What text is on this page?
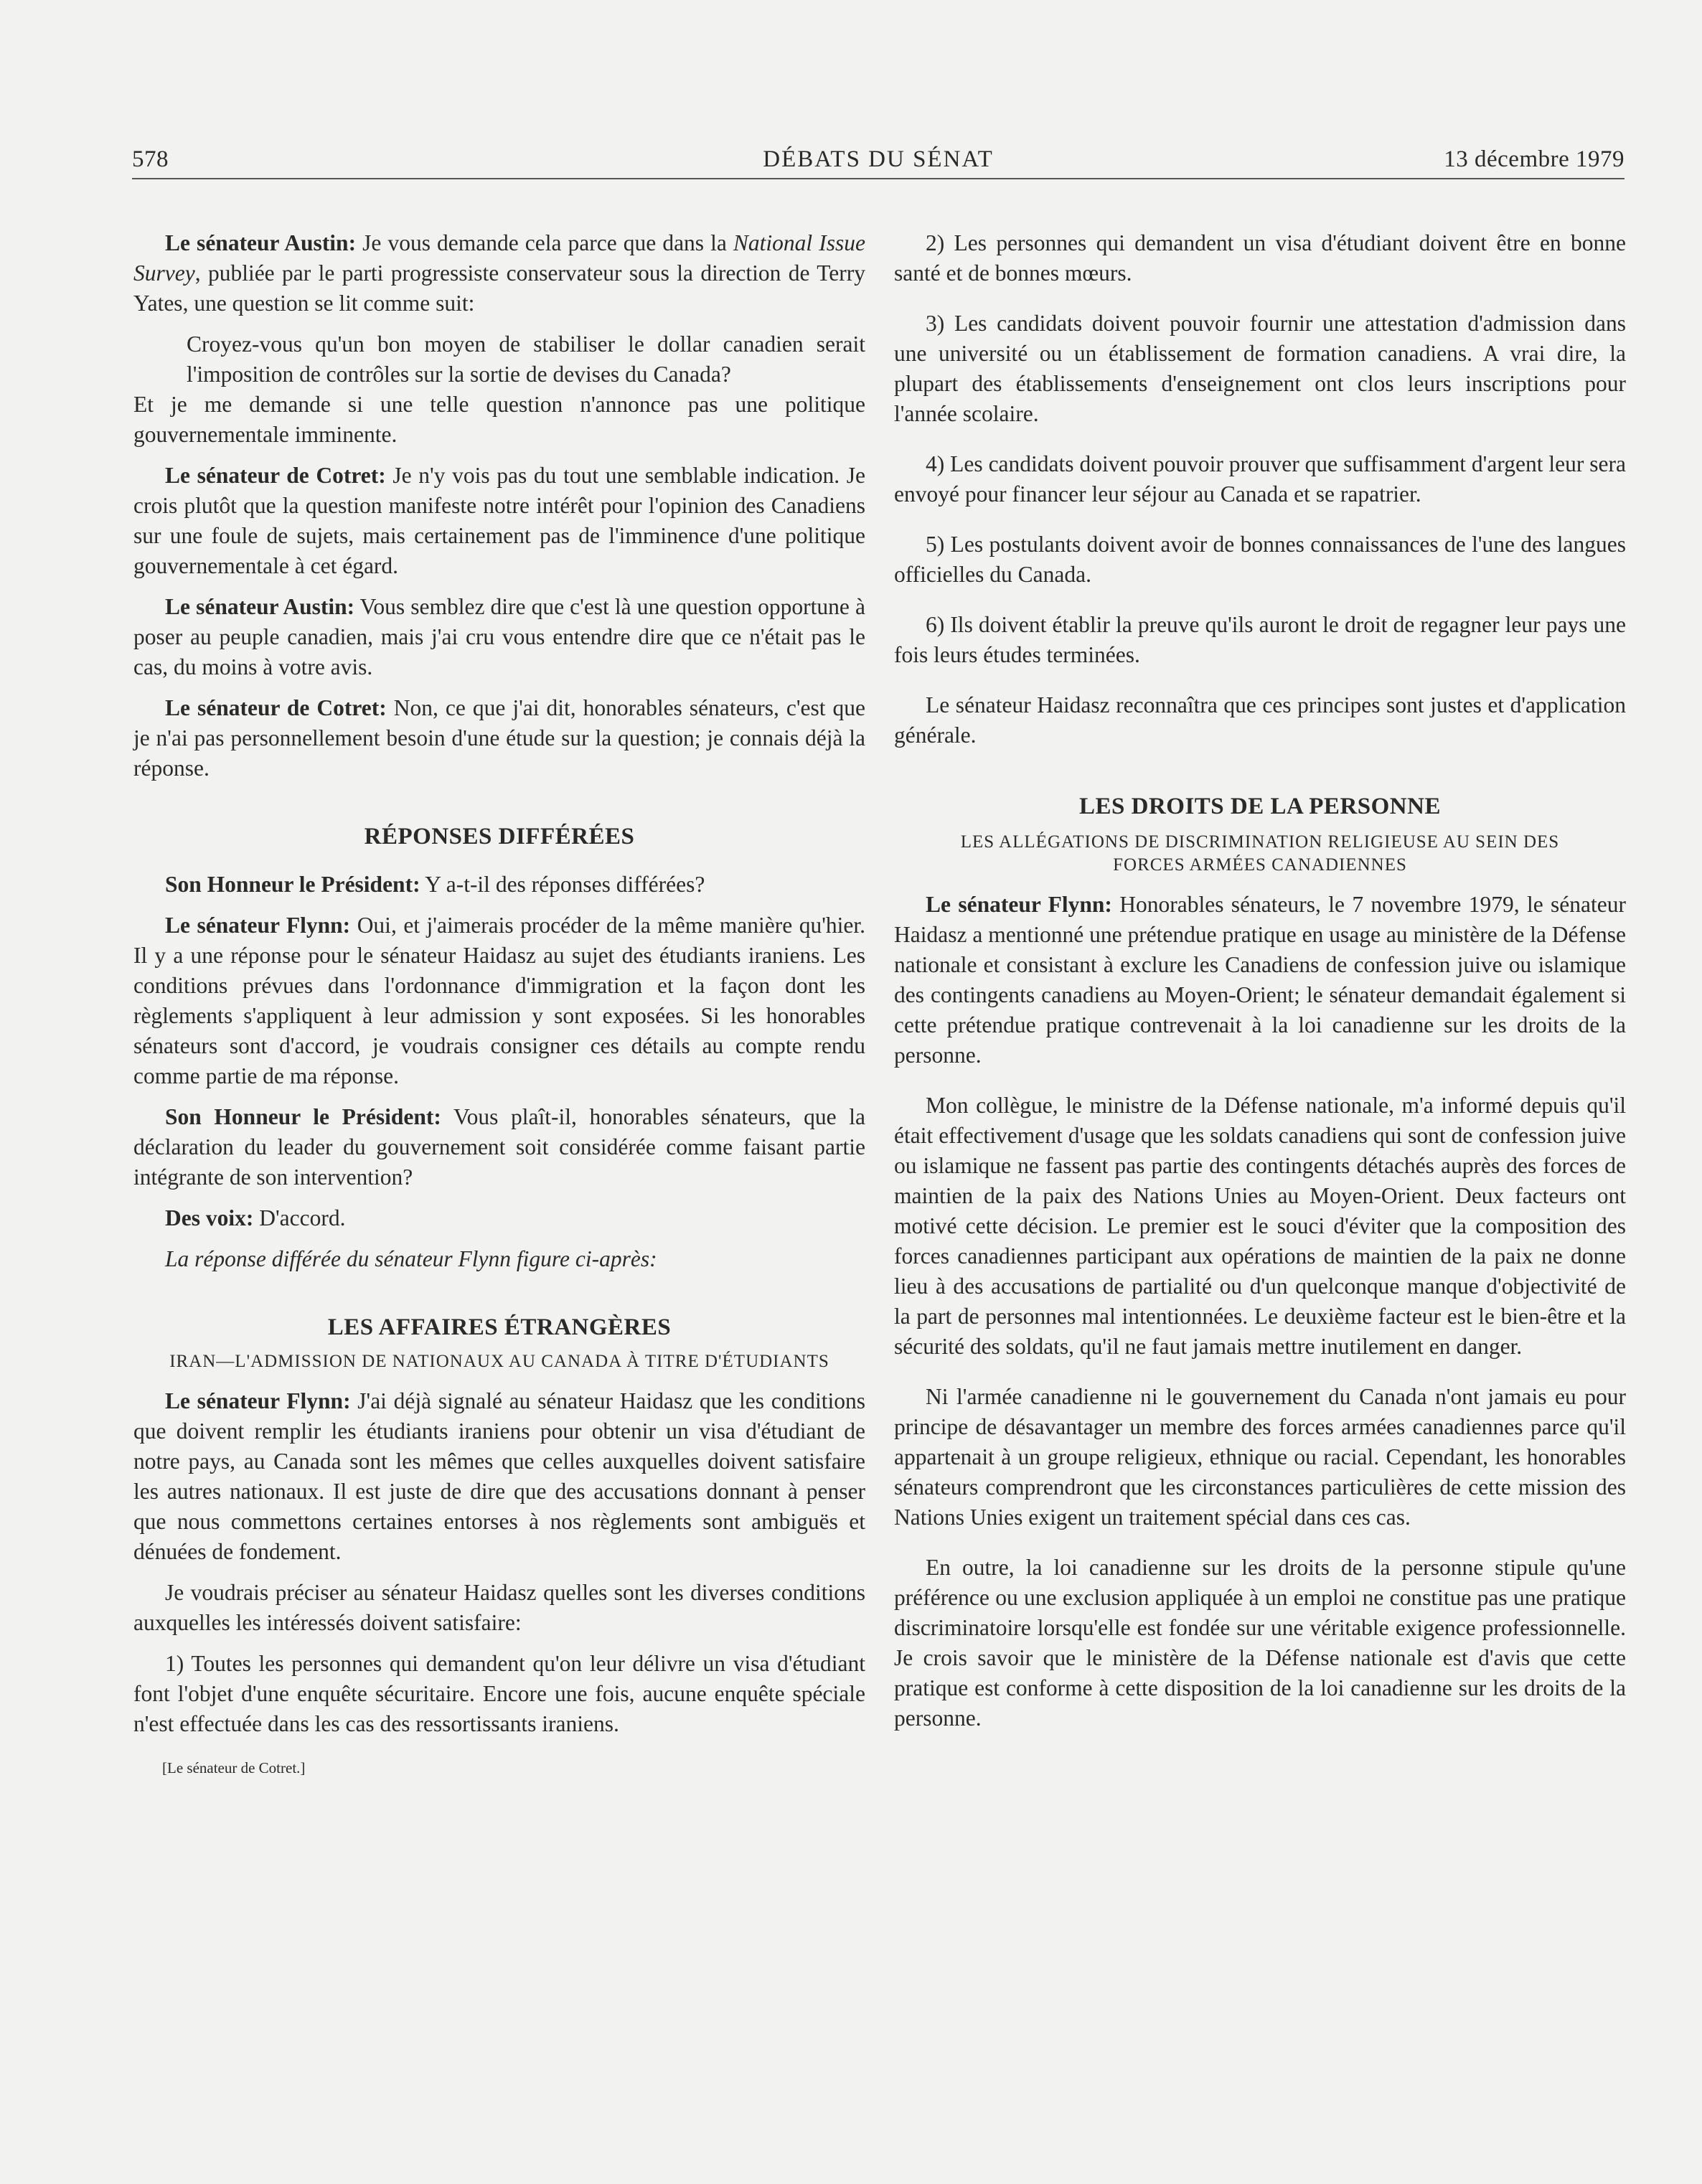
578	DÉBATS DU SÉNAT	13 décembre 1979

Le sénateur Austin: Je vous demande cela parce que dans la National Issue Survey, publiée par le parti progressiste conservateur sous la direction de Terry Yates, une question se lit comme suit:

Croyez-vous qu'un bon moyen de stabiliser le dollar canadien serait l'imposition de contrôles sur la sortie de devises du Canada?

Et je me demande si une telle question n'annonce pas une politique gouvernementale imminente.

Le sénateur de Cotret: Je n'y vois pas du tout une semblable indication. Je crois plutôt que la question manifeste notre intérêt pour l'opinion des Canadiens sur une foule de sujets, mais certainement pas de l'imminence d'une politique gouvernementale à cet égard.

Le sénateur Austin: Vous semblez dire que c'est là une question opportune à poser au peuple canadien, mais j'ai cru vous entendre dire que ce n'était pas le cas, du moins à votre avis.

Le sénateur de Cotret: Non, ce que j'ai dit, honorables sénateurs, c'est que je n'ai pas personnellement besoin d'une étude sur la question; je connais déjà la réponse.

RÉPONSES DIFFÉRÉES

Son Honneur le Président: Y a-t-il des réponses différées?

Le sénateur Flynn: Oui, et j'aimerais procéder de la même manière qu'hier. Il y a une réponse pour le sénateur Haidasz au sujet des étudiants iraniens. Les conditions prévues dans l'ordonnance d'immigration et la façon dont les règlements s'appliquent à leur admission y sont exposées. Si les honorables sénateurs sont d'accord, je voudrais consigner ces détails au compte rendu comme partie de ma réponse.

Son Honneur le Président: Vous plaît-il, honorables sénateurs, que la déclaration du leader du gouvernement soit considérée comme faisant partie intégrante de son intervention?

Des voix: D'accord.

La réponse différée du sénateur Flynn figure ci-après:

LES AFFAIRES ÉTRANGÈRES
IRAN—L'ADMISSION DE NATIONAUX AU CANADA À TITRE D'ÉTUDIANTS

Le sénateur Flynn: J'ai déjà signalé au sénateur Haidasz que les conditions que doivent remplir les étudiants iraniens pour obtenir un visa d'étudiant de notre pays, au Canada sont les mêmes que celles auxquelles doivent satisfaire les autres nationaux. Il est juste de dire que des accusations donnant à penser que nous commettons certaines entorses à nos règlements sont ambiguës et dénuées de fondement.

Je voudrais préciser au sénateur Haidasz quelles sont les diverses conditions auxquelles les intéressés doivent satisfaire:

1) Toutes les personnes qui demandent qu'on leur délivre un visa d'étudiant font l'objet d'une enquête sécuritaire. Encore une fois, aucune enquête spéciale n'est effectuée dans les cas des ressortissants iraniens.

[Le sénateur de Cotret.]

2) Les personnes qui demandent un visa d'étudiant doivent être en bonne santé et de bonnes mœurs.

3) Les candidats doivent pouvoir fournir une attestation d'admission dans une université ou un établissement de formation canadiens. A vrai dire, la plupart des établissements d'enseignement ont clos leurs inscriptions pour l'année scolaire.

4) Les candidats doivent pouvoir prouver que suffisamment d'argent leur sera envoyé pour financer leur séjour au Canada et se rapatrier.

5) Les postulants doivent avoir de bonnes connaissances de l'une des langues officielles du Canada.

6) Ils doivent établir la preuve qu'ils auront le droit de regagner leur pays une fois leurs études terminées.

Le sénateur Haidasz reconnaîtra que ces principes sont justes et d'application générale.

LES DROITS DE LA PERSONNE
LES ALLÉGATIONS DE DISCRIMINATION RELIGIEUSE AU SEIN DES FORCES ARMÉES CANADIENNES

Le sénateur Flynn: Honorables sénateurs, le 7 novembre 1979, le sénateur Haidasz a mentionné une prétendue pratique en usage au ministère de la Défense nationale et consistant à exclure les Canadiens de confession juive ou islamique des contingents canadiens au Moyen-Orient; le sénateur demandait également si cette prétendue pratique contrevenait à la loi canadienne sur les droits de la personne.

Mon collègue, le ministre de la Défense nationale, m'a informé depuis qu'il était effectivement d'usage que les soldats canadiens qui sont de confession juive ou islamique ne fassent pas partie des contingents détachés auprès des forces de maintien de la paix des Nations Unies au Moyen-Orient. Deux facteurs ont motivé cette décision. Le premier est le souci d'éviter que la composition des forces canadiennes participant aux opérations de maintien de la paix ne donne lieu à des accusations de partialité ou d'un quelconque manque d'objectivité de la part de personnes mal intentionnées. Le deuxième facteur est le bien-être et la sécurité des soldats, qu'il ne faut jamais mettre inutilement en danger.

Ni l'armée canadienne ni le gouvernement du Canada n'ont jamais eu pour principe de désavantager un membre des forces armées canadiennes parce qu'il appartenait à un groupe religieux, ethnique ou racial. Cependant, les honorables sénateurs comprendront que les circonstances particulières de cette mission des Nations Unies exigent un traitement spécial dans ces cas.

En outre, la loi canadienne sur les droits de la personne stipule qu'une préférence ou une exclusion appliquée à un emploi ne constitue pas une pratique discriminatoire lorsqu'elle est fondée sur une véritable exigence professionnelle. Je crois savoir que le ministère de la Défense nationale est d'avis que cette pratique est conforme à cette disposition de la loi canadienne sur les droits de la personne.
